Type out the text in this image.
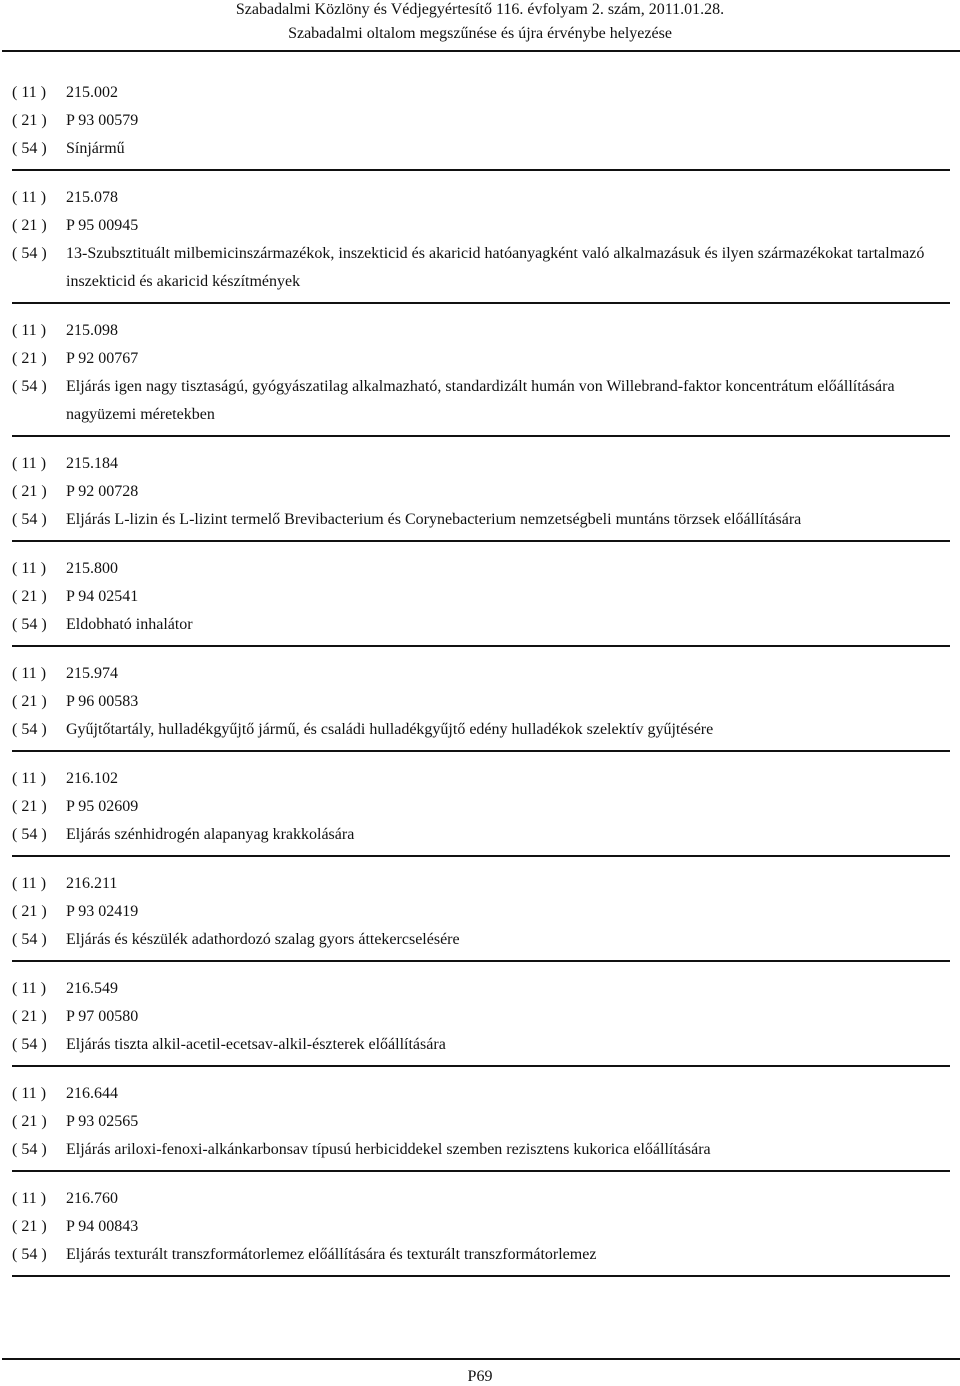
Szabadalmi Közlöny és Védjegyértesítő 116. évfolyam 2. szám, 2011.01.28.
Szabadalmi oltalom megszűnése és újra érvénybe helyezése
( 11 )	215.002
( 21 )	P 93 00579
( 54 )	Sínjármű
( 11 )	215.078
( 21 )	P 95 00945
( 54 )	13-Szubsztituált milbemicinszármazékok, inszekticid és akaricid hatóanyagként való alkalmazásuk és ilyen származékokat tartalmazó inszekticid és akaricid készítmények
( 11 )	215.098
( 21 )	P 92 00767
( 54 )	Eljárás igen nagy tisztaságú, gyógyászatilag alkalmazható, standardizált humán von Willebrand-faktor koncentrátum előállítására nagyüzemi méretekben
( 11 )	215.184
( 21 )	P 92 00728
( 54 )	Eljárás L-lizin és L-lizint termelő Brevibacterium és Corynebacterium nemzetségbeli muntáns törzsek előállítására
( 11 )	215.800
( 21 )	P 94 02541
( 54 )	Eldobható inhalátor
( 11 )	215.974
( 21 )	P 96 00583
( 54 )	Gyűjtőtartály, hulladékgyűjtő jármű, és családi hulladékgyűjtő edény hulladékok szelektív gyűjtésére
( 11 )	216.102
( 21 )	P 95 02609
( 54 )	Eljárás szénhidrogén alapanyag krakkolására
( 11 )	216.211
( 21 )	P 93 02419
( 54 )	Eljárás és készülék adathordozó szalag gyors áttekercselésére
( 11 )	216.549
( 21 )	P 97 00580
( 54 )	Eljárás tiszta alkil-acetil-ecetsav-alkil-észterek előállítására
( 11 )	216.644
( 21 )	P 93 02565
( 54 )	Eljárás ariloxi-fenoxi-alkánkarbonsav típusú herbiciddekel szemben rezisztens kukorica előállítására
( 11 )	216.760
( 21 )	P 94 00843
( 54 )	Eljárás texturált transzformátorlemez előállítására és texturált transzformátorlemez
P69
